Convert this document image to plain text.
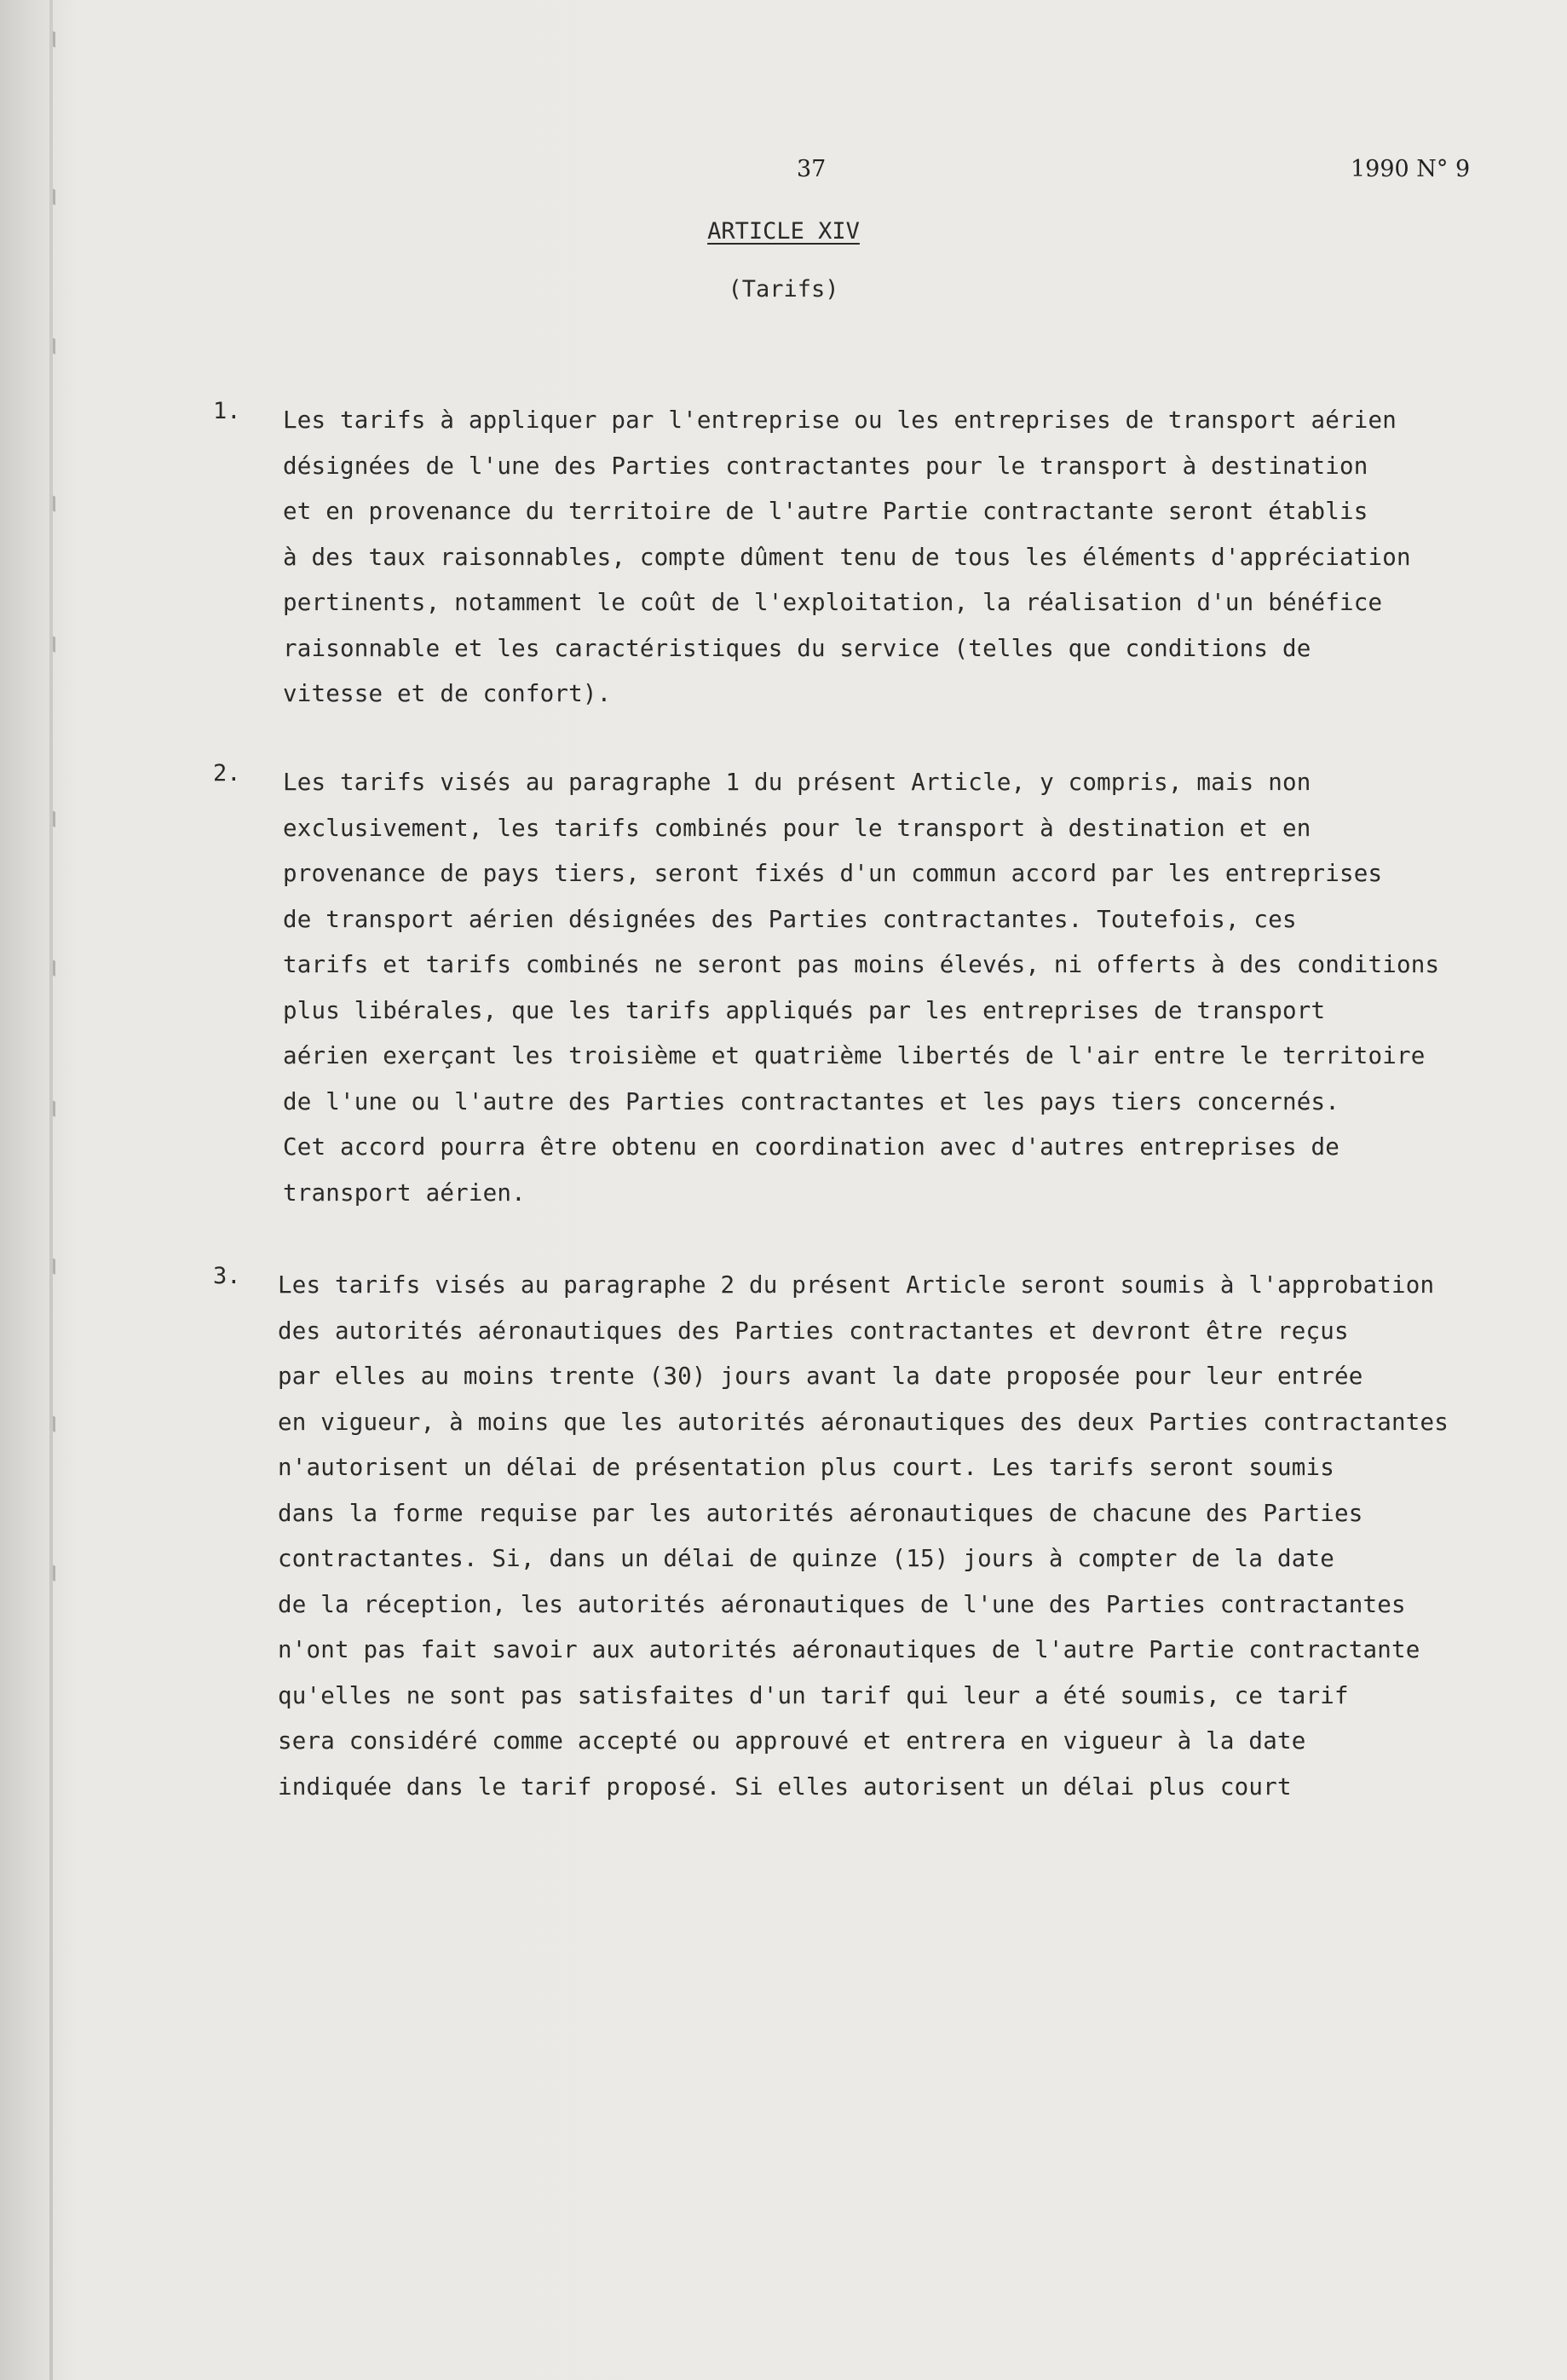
37	1990 N° 9
ARTICLE XIV
(Tarifs)
1. Les tarifs à appliquer par l'entreprise ou les entreprises de transport aérien
désignées de l'une des Parties contractantes pour le transport à destination
et en provenance du territoire de l'autre Partie contractante seront établis
à des taux raisonnables, compte dûment tenu de tous les éléments d'appréciation
pertinents, notamment le coût de l'exploitation, la réalisation d'un bénéfice
raisonnable et les caractéristiques du service (telles que conditions de
vitesse et de confort).
2. Les tarifs visés au paragraphe 1 du présent Article, y compris, mais non
exclusivement, les tarifs combinés pour le transport à destination et en
provenance de pays tiers, seront fixés d'un commun accord par les entreprises
de transport aérien désignées des Parties contractantes. Toutefois, ces
tarifs et tarifs combinés ne seront pas moins élevés, ni offerts à des conditions
plus libérales, que les tarifs appliqués par les entreprises de transport
aérien exerçant les troisième et quatrième libertés de l'air entre le territoire
de l'une ou l'autre des Parties contractantes et les pays tiers concernés.
Cet accord pourra être obtenu en coordination avec d'autres entreprises de
transport aérien.
3. Les tarifs visés au paragraphe 2 du présent Article seront soumis à l'approbation
des autorités aéronautiques des Parties contractantes et devront être reçus
par elles au moins trente (30) jours avant la date proposée pour leur entrée
en vigueur, à moins que les autorités aéronautiques des deux Parties contractantes
n'autorisent un délai de présentation plus court. Les tarifs seront soumis
dans la forme requise par les autorités aéronautiques de chacune des Parties
contractantes. Si, dans un délai de quinze (15) jours à compter de la date
de la réception, les autorités aéronautiques de l'une des Parties contractantes
n'ont pas fait savoir aux autorités aéronautiques de l'autre Partie contractante
qu'elles ne sont pas satisfaites d'un tarif qui leur a été soumis, ce tarif
sera considéré comme accepté ou approuvé et entrera en vigueur à la date
indiquée dans le tarif proposé. Si elles autorisent un délai plus court
